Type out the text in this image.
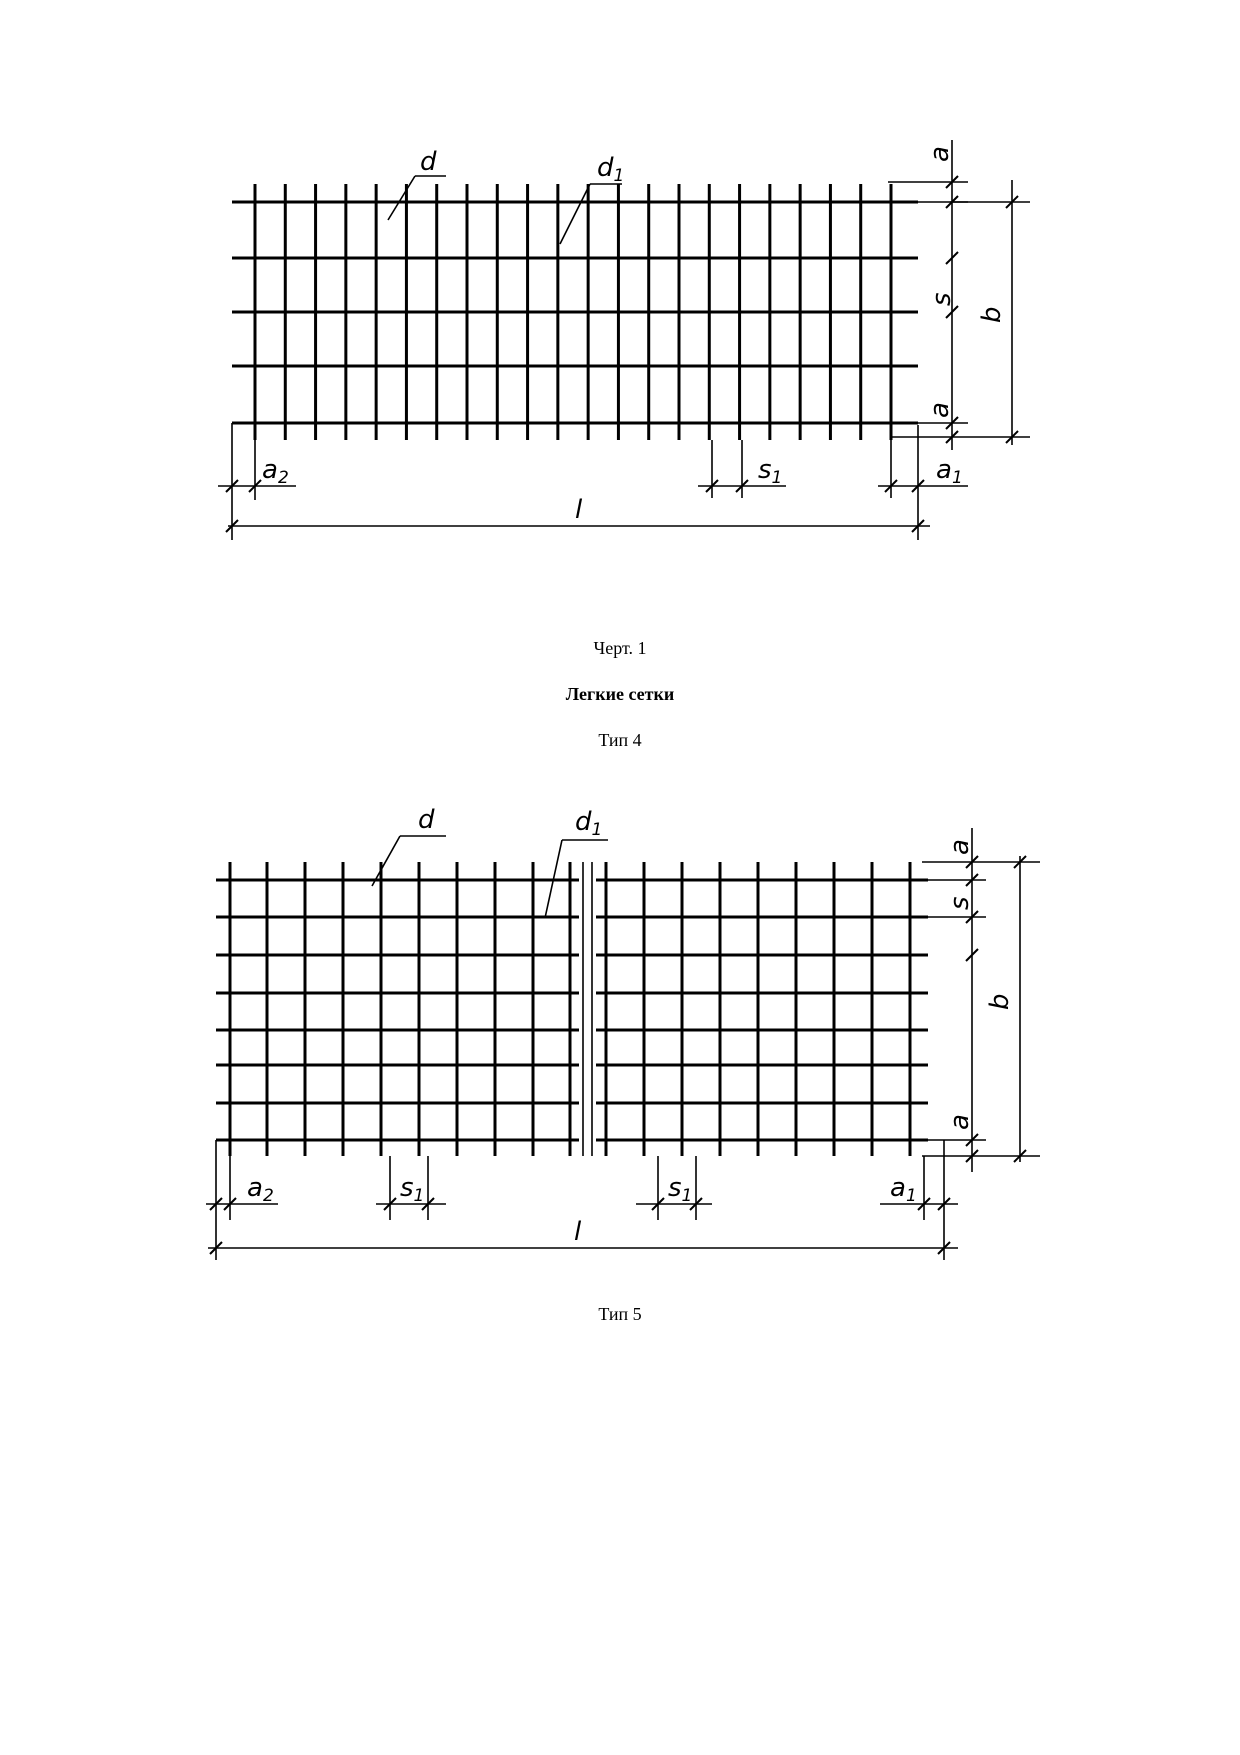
d	d1
a
s
a
b
a2	s1	a1
l
Черт. 1
Легкие сетки
Тип 4
d	d1
a
s
a
b
a2	s1	s1	a1
l
Тип 5
